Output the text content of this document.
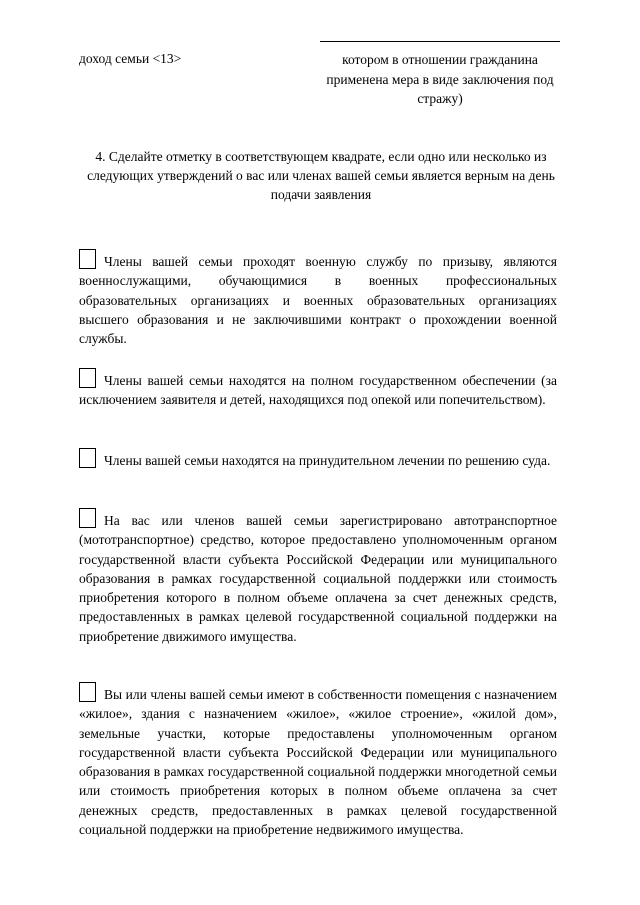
доход семьи <13>	котором в отношении гражданина применена мера в виде заключения под стражу)
4. Сделайте отметку в соответствующем квадрате, если одно или несколько из следующих утверждений о вас или членах вашей семьи является верным на день подачи заявления
Члены вашей семьи проходят военную службу по призыву, являются военнослужащими, обучающимися в военных профессиональных образовательных организациях и военных образовательных организациях высшего образования и не заключившими контракт о прохождении военной службы.
Члены вашей семьи находятся на полном государственном обеспечении (за исключением заявителя и детей, находящихся под опекой или попечительством).
Члены вашей семьи находятся на принудительном лечении по решению суда.
На вас или членов вашей семьи зарегистрировано автотранспортное (мототранспортное) средство, которое предоставлено уполномоченным органом государственной власти субъекта Российской Федерации или муниципального образования в рамках государственной социальной поддержки или стоимость приобретения которого в полном объеме оплачена за счет денежных средств, предоставленных в рамках целевой государственной социальной поддержки на приобретение движимого имущества.
Вы или члены вашей семьи имеют в собственности помещения с назначением «жилое», здания с назначением «жилое», «жилое строение», «жилой дом», земельные участки, которые предоставлены уполномоченным органом государственной власти субъекта Российской Федерации или муниципального образования в рамках государственной социальной поддержки многодетной семьи или стоимость приобретения которых в полном объеме оплачена за счет денежных средств, предоставленных в рамках целевой государственной социальной поддержки на приобретение недвижимого имущества.
